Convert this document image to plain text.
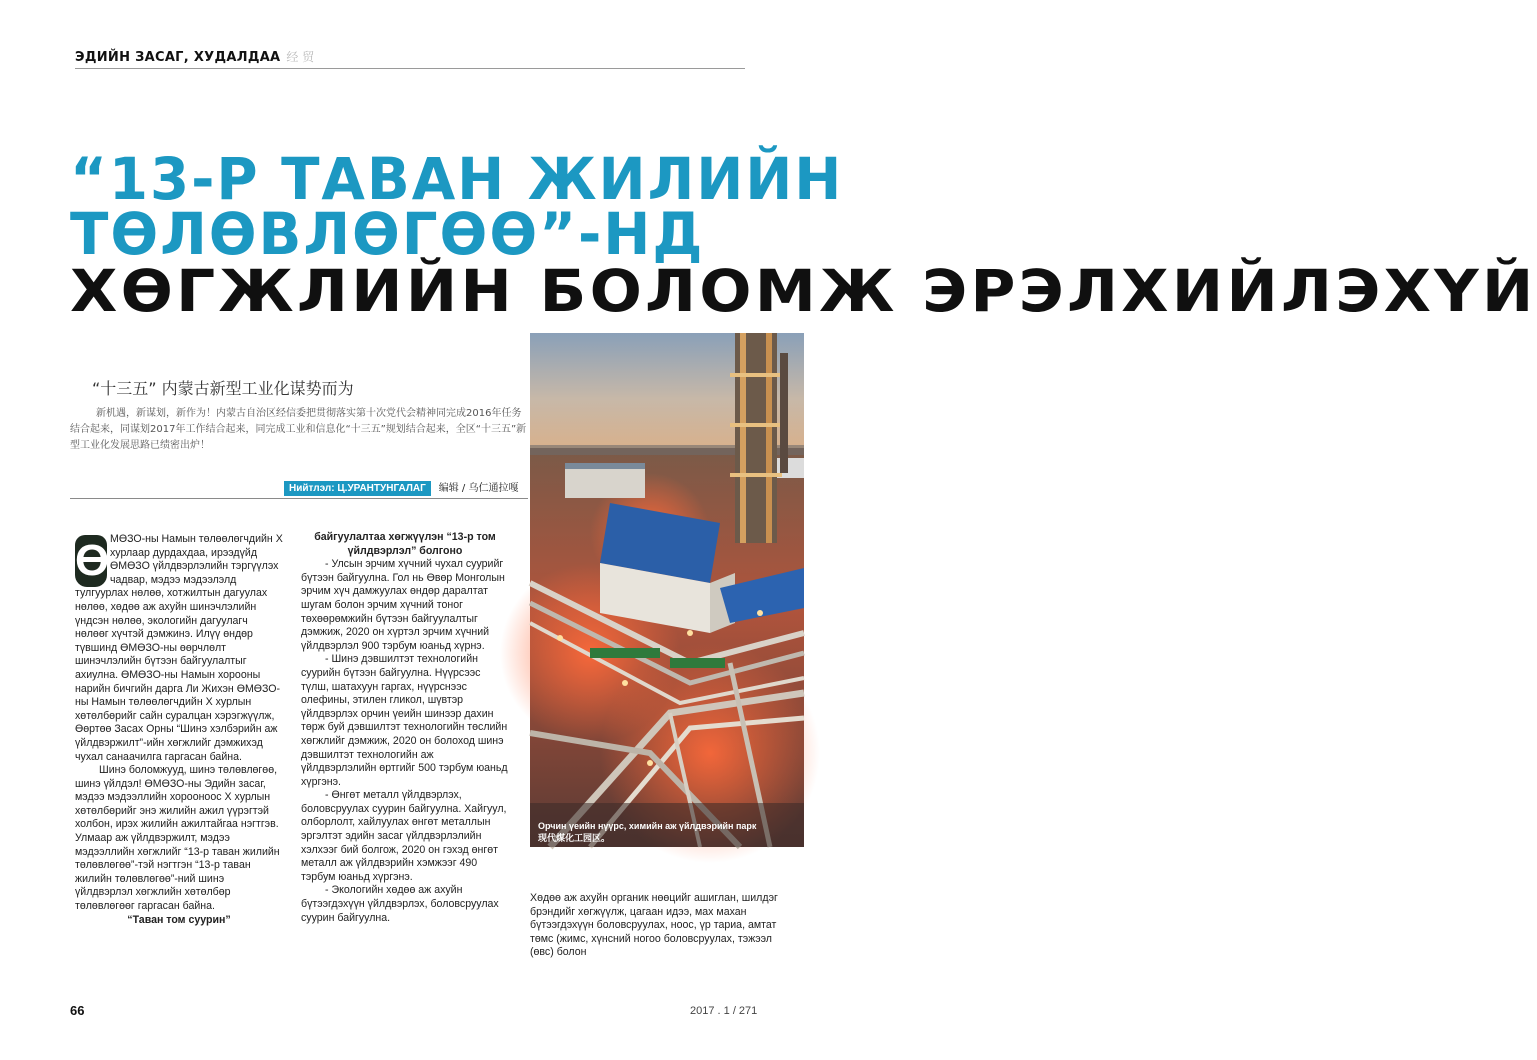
ЭДИЙН ЗАСАГ, ХУДАЛДАА 经 贸
“13-Р ТАВАН ЖИЛИЙН
ТӨЛӨВЛӨГӨӨ”-НД
ХӨГЖЛИЙН БОЛОМЖ ЭРЭЛХИЙЛЭХҮЙ
“十三五” 内蒙古新型工业化谋势而为
新机遇，新谋划，新作为！内蒙古自治区经信委把贯彻落实第十次党代会精神同完成2016年任务结合起来，同谋划2017年工作结合起来，同完成工业和信息化“十三五”规划结合起来，全区“十三五”新型工业化发展思路已绩密出炉！
Нийтлэл: Ц.УРАНТУНГАЛАГ 编辑 / 乌仁通拉嘎
Орчин үеийн нүүрс, химийн аж үйлдвэрийн парк
现代煤化工园区。
Ө МӨЗО-ны Намын төлөөлөгчдийн Х хурлаар дурдахдаа, ирээдүйд ӨМӨЗО үйлдвэрлэлийн тэргүүлэх чадвар, мэдээ мэдээлэлд тулгуурлах нөлөө, хотжилтын дагуулах нөлөө, хөдөө аж ахуйн шинэчлэлийн үндсэн нөлөө, экологийн дагуулагч нөлөөг хүчтэй дэмжинэ. Илүү өндөр түвшинд ӨМӨЗО-ны өөрчлөлт шинэчлэлийн бүтээн байгуулалтыг ахиулна. ӨМӨЗО-ны Намын хорооны нарийн бичгийн дарга Ли Жихэн ӨМӨЗО-ны Намын төлөөлөгчдийн Х хурлын хөтөлбөрийг сайн суралцан хэрэгжүүлж, Өөртөө Засах Орны “Шинэ хэлбэрийн аж үйлдвэржилт”-ийн хөгжлийг дэмжихэд чухал санаачилга гаргасан байна.

Шинэ боломжууд, шинэ төлөвлөгөө, шинэ үйлдэл! ӨМӨЗО-ны Эдийн засаг, мэдээ мэдээллийн хорооноос Х хурлын хөтөлбөрийг энэ жилийн ажил үүрэгтэй холбон, ирэх жилийн ажилтайгаа нэгтгэв. Улмаар аж үйлдвэржилт, мэдээ мэдээллийн хөгжлийг “13-р таван жилийн төлөвлөгөө”-тэй нэгтгэн “13-р таван жилийн төлөвлөгөө”-ний шинэ үйлдвэрлэл хөгжлийн хөтөлбөр төлөвлөгөөг гаргасан байна.

“Таван том суурин”

байгуулалтаа хөгжүүлэн “13-р том үйлдвэрлэл” болгоно

- Улсын эрчим хүчний чухал суурийг бүтээн байгуулна. Гол нь Өвөр Монголын эрчим хүч дамжуулах өндөр даралтат шугам болон эрчим хүчний тоног төхөөрөмжийн бүтээн байгуулалтыг дэмжиж, 2020 он хүртэл эрчим хүчний үйлдвэрлэл 900 тэрбум юаньд хүрнэ.

- Шинэ дэвшилтэт технологийн суурийн бүтээн байгуулна. Нүүрсээс түлш, шатахуун гаргах, нүүрснээс олефины, этилен гликол, шүвтэр үйлдвэрлэх орчин үеийн шинээр дахин төрж буй дэвшилтэт технологийн төслийн хөгжлийг дэмжиж, 2020 он болоход шинэ дэвшилтэт технологийн аж үйлдвэрлэлийн өртгийг 500 тэрбум юаньд хүргэнэ.

- Өнгөт металл үйлдвэрлэх, боловсруулах суурин байгуулна. Хайгуул, олборлолт, хайлуулах өнгөт металлын эргэлтэт эдийн засаг үйлдвэрлэлийн хэлхээг бий болгож, 2020 он гэхэд өнгөт металл аж үйлдвэрийн хэмжээг 490 тэрбум юаньд хүргэнэ.

- Экологийн хөдөө аж ахуйн бүтээгдэхүүн үйлдвэрлэх, боловсруулах суурин байгуулна.

Хөдөө аж ахуйн органик нөөцийг ашиглан, шилдэг брэндийг хөгжүүлж, цагаан идээ, мах махан бүтээгдэхүүн боловсруулах, ноос, үр тариа, амтат төмс (жимс, хүнсний ногоо боловсруулах, тэжээл (өвс) болон

66	2017 . 1 / 271
